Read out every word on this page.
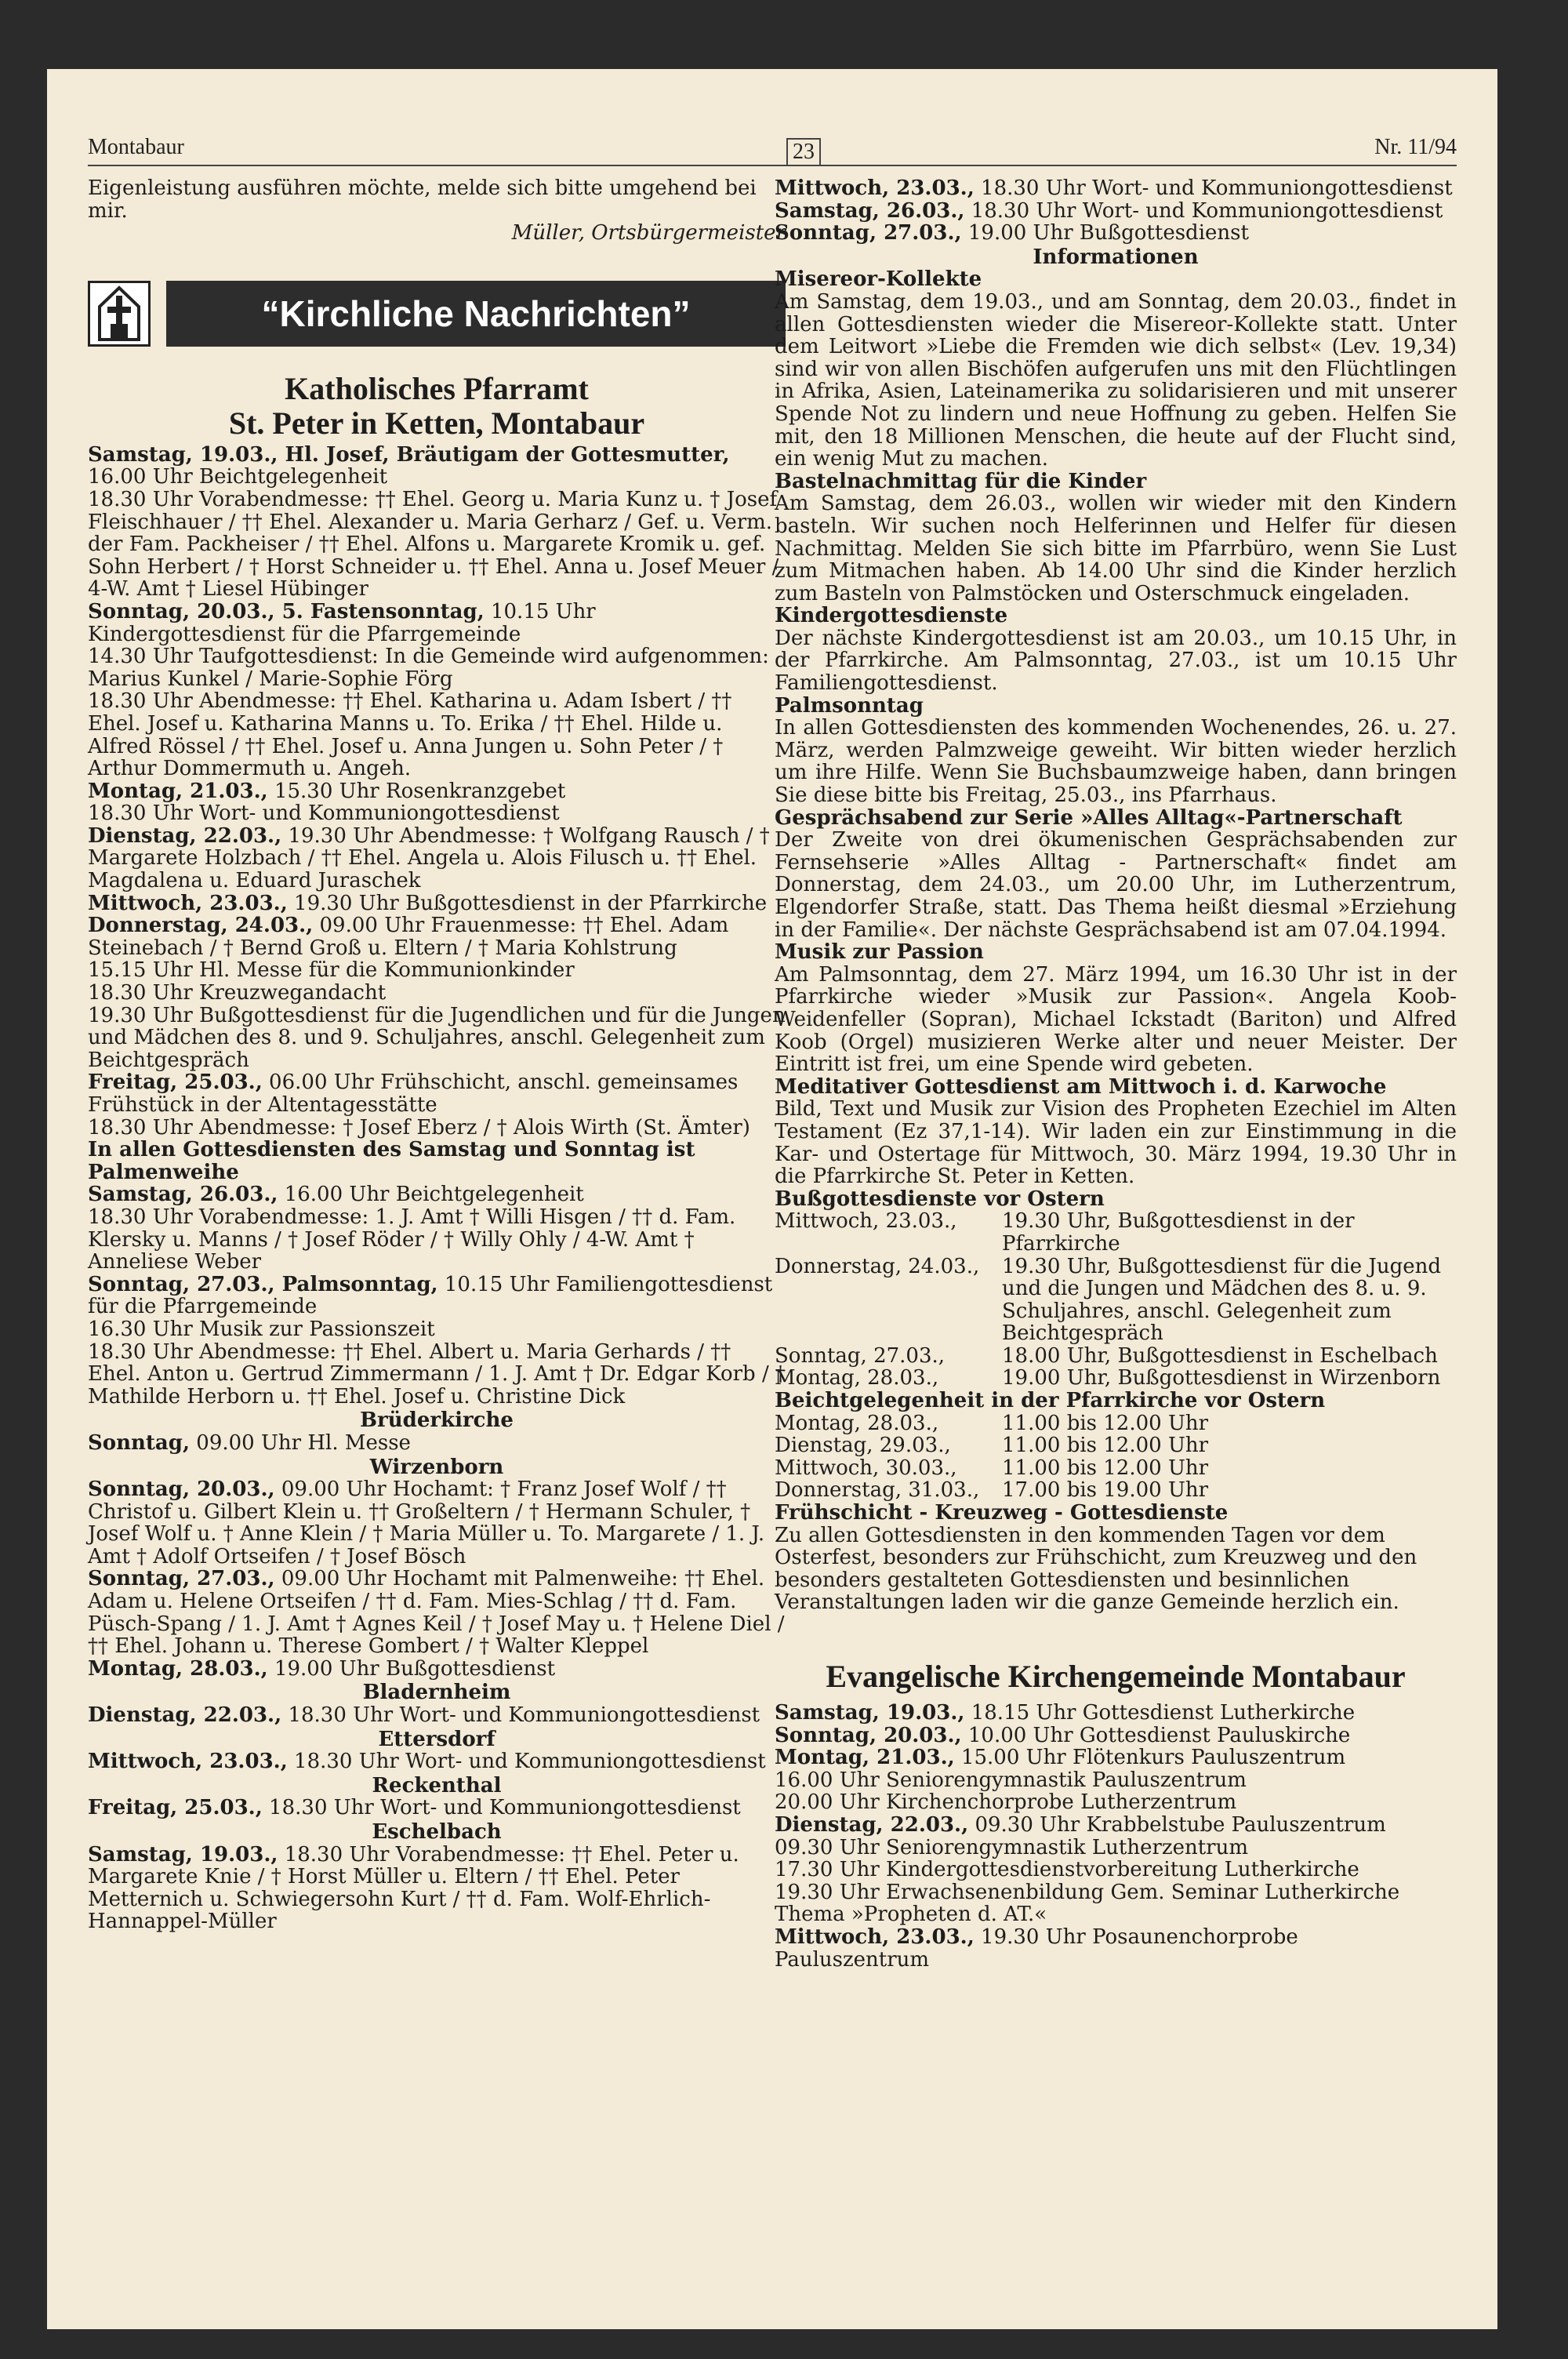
Montabaur	23	Nr. 11/94

Eigenleistung ausführen möchte, melde sich bitte umgehend bei mir.

Müller, Ortsbürgermeister

“Kirchliche Nachrichten”
Katholisches Pfarramt
St. Peter in Ketten, Montabaur

Samstag, 19.03., Hl. Josef, Bräutigam der Gottesmutter, 16.00 Uhr Beichtgelegenheit

18.30 Uhr Vorabendmesse: †† Ehel. Georg u. Maria Kunz u. † Josef Fleischhauer / †† Ehel. Alexander u. Maria Gerharz / Gef. u. Verm. der Fam. Packheiser / †† Ehel. Alfons u. Margarete Kromik u. gef. Sohn Herbert / † Horst Schneider u. †† Ehel. Anna u. Josef Meuer / 4-W. Amt † Liesel Hübinger

Sonntag, 20.03., 5. Fastensonntag, 10.15 Uhr Kindergottesdienst für die Pfarrgemeinde

14.30 Uhr Taufgottesdienst: In die Gemeinde wird aufgenommen: Marius Kunkel / Marie-Sophie Förg

18.30 Uhr Abendmesse: †† Ehel. Katharina u. Adam Isbert / †† Ehel. Josef u. Katharina Manns u. To. Erika / †† Ehel. Hilde u. Alfred Rössel / †† Ehel. Josef u. Anna Jungen u. Sohn Peter / † Arthur Dommermuth u. Angeh.

Montag, 21.03., 15.30 Uhr Rosenkranzgebet

18.30 Uhr Wort- und Kommuniongottesdienst

Dienstag, 22.03., 19.30 Uhr Abendmesse: † Wolfgang Rausch / † Margarete Holzbach / †† Ehel. Angela u. Alois Filusch u. †† Ehel. Magdalena u. Eduard Juraschek

Mittwoch, 23.03., 19.30 Uhr Bußgottesdienst in der Pfarrkirche

Donnerstag, 24.03., 09.00 Uhr Frauenmesse: †† Ehel. Adam Steinebach / † Bernd Groß u. Eltern / † Maria Kohlstrung

15.15 Uhr Hl. Messe für die Kommunionkinder

18.30 Uhr Kreuzwegandacht

19.30 Uhr Bußgottesdienst für die Jugendlichen und für die Jungen und Mädchen des 8. und 9. Schuljahres, anschl. Gelegenheit zum Beichtgespräch

Freitag, 25.03., 06.00 Uhr Frühschicht, anschl. gemeinsames Frühstück in der Altentagesstätte

18.30 Uhr Abendmesse: † Josef Eberz / † Alois Wirth (St. Ämter)

In allen Gottesdiensten des Samstag und Sonntag ist Palmenweihe

Samstag, 26.03., 16.00 Uhr Beichtgelegenheit

18.30 Uhr Vorabendmesse: 1. J. Amt † Willi Hisgen / †† d. Fam. Klersky u. Manns / † Josef Röder / † Willy Ohly / 4-W. Amt † Anneliese Weber

Sonntag, 27.03., Palmsonntag, 10.15 Uhr Familiengottesdienst für die Pfarrgemeinde

16.30 Uhr Musik zur Passionszeit

18.30 Uhr Abendmesse: †† Ehel. Albert u. Maria Gerhards / †† Ehel. Anton u. Gertrud Zimmermann / 1. J. Amt † Dr. Edgar Korb / † Mathilde Herborn u. †† Ehel. Josef u. Christine Dick

Brüderkirche

Sonntag, 09.00 Uhr Hl. Messe

Wirzenborn

Sonntag, 20.03., 09.00 Uhr Hochamt: † Franz Josef Wolf / †† Christof u. Gilbert Klein u. †† Großeltern / † Hermann Schuler, † Josef Wolf u. † Anne Klein / † Maria Müller u. To. Margarete / 1. J. Amt † Adolf Ortseifen / † Josef Bösch

Sonntag, 27.03., 09.00 Uhr Hochamt mit Palmenweihe: †† Ehel. Adam u. Helene Ortseifen / †† d. Fam. Mies-Schlag / †† d. Fam. Püsch-Spang / 1. J. Amt † Agnes Keil / † Josef May u. † Helene Diel / †† Ehel. Johann u. Therese Gombert / † Walter Kleppel

Montag, 28.03., 19.00 Uhr Bußgottesdienst

Bladernheim

Dienstag, 22.03., 18.30 Uhr Wort- und Kommuniongottesdienst

Ettersdorf

Mittwoch, 23.03., 18.30 Uhr Wort- und Kommuniongottesdienst

Reckenthal

Freitag, 25.03., 18.30 Uhr Wort- und Kommuniongottesdienst

Eschelbach

Samstag, 19.03., 18.30 Uhr Vorabendmesse: †† Ehel. Peter u. Margarete Knie / † Horst Müller u. Eltern / †† Ehel. Peter Metternich u. Schwiegersohn Kurt / †† d. Fam. Wolf-Ehrlich-Hannappel-Müller

Mittwoch, 23.03., 18.30 Uhr Wort- und Kommuniongottesdienst

Samstag, 26.03., 18.30 Uhr Wort- und Kommuniongottesdienst

Sonntag, 27.03., 19.00 Uhr Bußgottesdienst

Informationen

Misereor-Kollekte

Am Samstag, dem 19.03., und am Sonntag, dem 20.03., findet in allen Gottesdiensten wieder die Misereor-Kollekte statt. Unter dem Leitwort »Liebe die Fremden wie dich selbst« (Lev. 19,34) sind wir von allen Bischöfen aufgerufen uns mit den Flüchtlingen in Afrika, Asien, Lateinamerika zu solidarisieren und mit unserer Spende Not zu lindern und neue Hoffnung zu geben. Helfen Sie mit, den 18 Millionen Menschen, die heute auf der Flucht sind, ein wenig Mut zu machen.

Bastelnachmittag für die Kinder

Am Samstag, dem 26.03., wollen wir wieder mit den Kindern basteln. Wir suchen noch Helferinnen und Helfer für diesen Nachmittag. Melden Sie sich bitte im Pfarrbüro, wenn Sie Lust zum Mitmachen haben. Ab 14.00 Uhr sind die Kinder herzlich zum Basteln von Palmstöcken und Osterschmuck eingeladen.

Kindergottesdienste

Der nächste Kindergottesdienst ist am 20.03., um 10.15 Uhr, in der Pfarrkirche. Am Palmsonntag, 27.03., ist um 10.15 Uhr Familiengottesdienst.

Palmsonntag

In allen Gottesdiensten des kommenden Wochenendes, 26. u. 27. März, werden Palmzweige geweiht. Wir bitten wieder herzlich um ihre Hilfe. Wenn Sie Buchsbaumzweige haben, dann bringen Sie diese bitte bis Freitag, 25.03., ins Pfarrhaus.

Gesprächsabend zur Serie »Alles Alltag«-Partnerschaft

Der Zweite von drei ökumenischen Gesprächsabenden zur Fernsehserie »Alles Alltag - Partnerschaft« findet am Donnerstag, dem 24.03., um 20.00 Uhr, im Lutherzentrum, Elgendorfer Straße, statt. Das Thema heißt diesmal »Erziehung in der Familie«. Der nächste Gesprächsabend ist am 07.04.1994.

Musik zur Passion

Am Palmsonntag, dem 27. März 1994, um 16.30 Uhr ist in der Pfarrkirche wieder »Musik zur Passion«. Angela Koob-Weidenfeller (Sopran), Michael Ickstadt (Bariton) und Alfred Koob (Orgel) musizieren Werke alter und neuer Meister. Der Eintritt ist frei, um eine Spende wird gebeten.

Meditativer Gottesdienst am Mittwoch i. d. Karwoche

Bild, Text und Musik zur Vision des Propheten Ezechiel im Alten Testament (Ez 37,1-14). Wir laden ein zur Einstimmung in die Kar- und Ostertage für Mittwoch, 30. März 1994, 19.30 Uhr in die Pfarrkirche St. Peter in Ketten.

Bußgottesdienste vor Ostern

Mittwoch, 23.03.,	19.30 Uhr, Bußgottesdienst in der Pfarrkirche
Donnerstag, 24.03.,	19.30 Uhr, Bußgottesdienst für die Jugend und die Jungen und Mädchen des 8. u. 9. Schuljahres, anschl. Gelegenheit zum Beichtgespräch
Sonntag, 27.03.,	18.00 Uhr, Bußgottesdienst in Eschelbach
Montag, 28.03.,	19.00 Uhr, Bußgottesdienst in Wirzenborn

Beichtgelegenheit in der Pfarrkirche vor Ostern

Montag, 28.03.,	11.00 bis 12.00 Uhr
Dienstag, 29.03.,	11.00 bis 12.00 Uhr
Mittwoch, 30.03.,	11.00 bis 12.00 Uhr
Donnerstag, 31.03.,	17.00 bis 19.00 Uhr

Frühschicht - Kreuzweg - Gottesdienste

Zu allen Gottesdiensten in den kommenden Tagen vor dem Osterfest, besonders zur Frühschicht, zum Kreuzweg und den besonders gestalteten Gottesdiensten und besinnlichen Veranstaltungen laden wir die ganze Gemeinde herzlich ein.

Evangelische Kirchengemeinde Montabaur

Samstag, 19.03., 18.15 Uhr Gottesdienst Lutherkirche

Sonntag, 20.03., 10.00 Uhr Gottesdienst Pauluskirche

Montag, 21.03., 15.00 Uhr Flötenkurs Pauluszentrum

16.00 Uhr Seniorengymnastik Pauluszentrum

20.00 Uhr Kirchenchorprobe Lutherzentrum

Dienstag, 22.03., 09.30 Uhr Krabbelstube Pauluszentrum

09.30 Uhr Seniorengymnastik Lutherzentrum

17.30 Uhr Kindergottesdienstvorbereitung Lutherkirche

19.30 Uhr Erwachsenenbildung Gem. Seminar Lutherkirche Thema »Propheten d. AT.«

Mittwoch, 23.03., 19.30 Uhr Posaunenchorprobe Pauluszentrum
